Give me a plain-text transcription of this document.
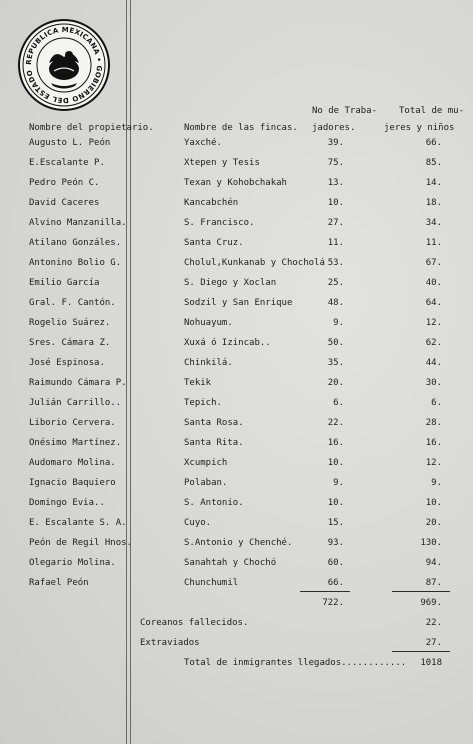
REPUBLICA MEXICANA • GOBIERNO DEL ESTADO
Nombre del propietario.	Nombre de las fincas.
No de Traba-
jadores.
Total de mu-
jeres y niños
Augusto L. Peón	Yaxché.	39.	66.
E.Escalante P.	Xtepen y Tesis	75.	85.
Pedro Peón C.	Texan y Kohobchakah	13.	14.
David Caceres	Kancabchén	10.	18.
Alvino Manzanilla.	S. Francisco.	27.	34.
Atilano Gonzáles.	Santa Cruz.	11.	11.
Antonino Bolio G.	Cholul,Kunkanab y Chocholá 53.	67.
Emilio García	S. Diego y Xoclan	25.	40.
Gral. F. Cantón.	Sodzil y San Enrique	48.	64.
Rogelio Suárez.	Nohuayum.	9.	12.
Sres. Cámara Z.	Xuxá ó Izincab..	50.	62.
José Espinosa.	Chinkilá.	35.	44.
Raimundo Cámara P.	Tekik	20.	30.
Julián Carrillo..	Tepich.	6.	6.
Liborio Cervera.	Santa Rosa.	22.	28.
Onésimo Martínez.	Santa Rita.	16.	16.
Audomaro Molina.	Xcumpich	10.	12.
Ignacio Baquiero	Polaban.	9.	9.
Domingo Evia..	S. Antonio.	10.	10.
E. Escalante S. A.	Cuyo.	15.	20.
Peón de Regil Hnos.	S.Antonio y Chenché.	93.	130.
Olegario Molina.	Sanahtah y Chochó	60.	94.
Rafael Peón	Chunchumil	66.	87.
722.	969.
Coreanos fallecidos.	22.
Extraviados	27.
Total de inmigrantes llegados............	1018
